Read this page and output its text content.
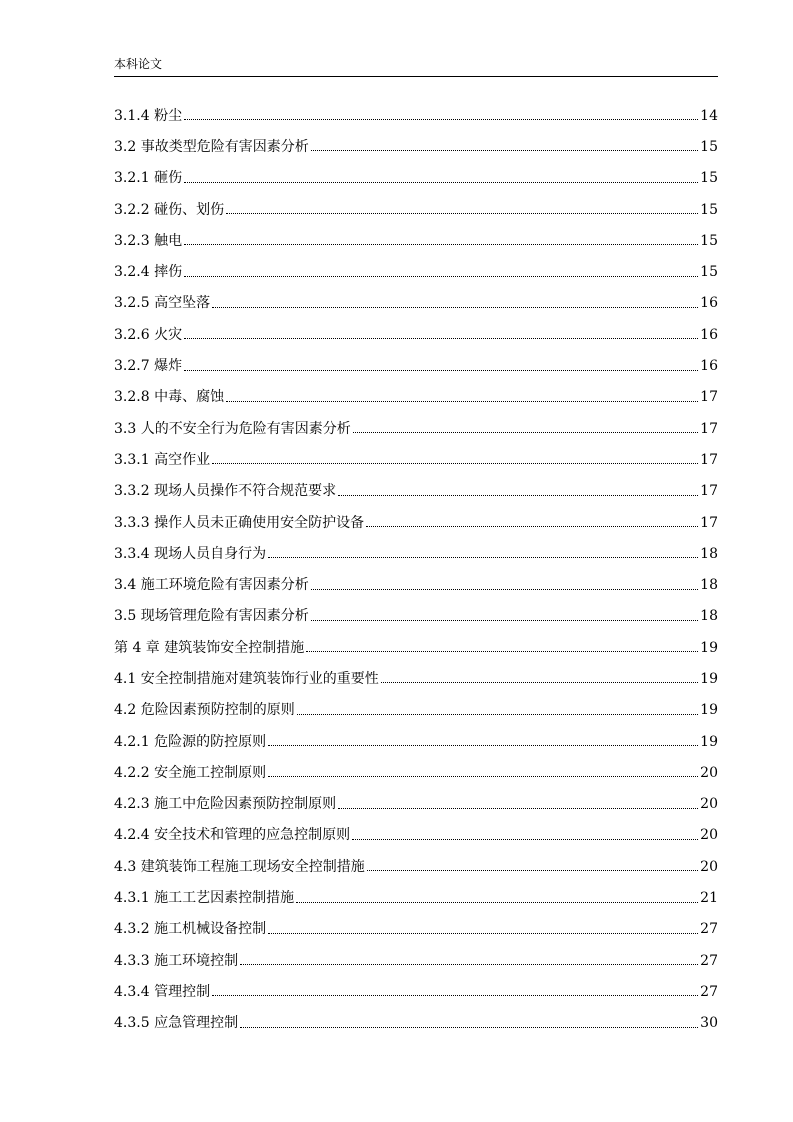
本科论文
3.1.4 粉尘	14
3.2 事故类型危险有害因素分析	15
3.2.1 砸伤	15
3.2.2 碰伤、划伤	15
3.2.3 触电	15
3.2.4 摔伤	15
3.2.5 高空坠落	16
3.2.6 火灾	16
3.2.7 爆炸	16
3.2.8 中毒、腐蚀	17
3.3 人的不安全行为危险有害因素分析	17
3.3.1 高空作业	17
3.3.2 现场人员操作不符合规范要求	17
3.3.3 操作人员未正确使用安全防护设备	17
3.3.4 现场人员自身行为	18
3.4 施工环境危险有害因素分析	18
3.5 现场管理危险有害因素分析	18
第 4 章 建筑装饰安全控制措施	19
4.1 安全控制措施对建筑装饰行业的重要性	19
4.2 危险因素预防控制的原则	19
4.2.1 危险源的防控原则	19
4.2.2 安全施工控制原则	20
4.2.3 施工中危险因素预防控制原则	20
4.2.4 安全技术和管理的应急控制原则	20
4.3 建筑装饰工程施工现场安全控制措施	20
4.3.1 施工工艺因素控制措施	21
4.3.2 施工机械设备控制	27
4.3.3 施工环境控制	27
4.3.4 管理控制	27
4.3.5 应急管理控制	30
